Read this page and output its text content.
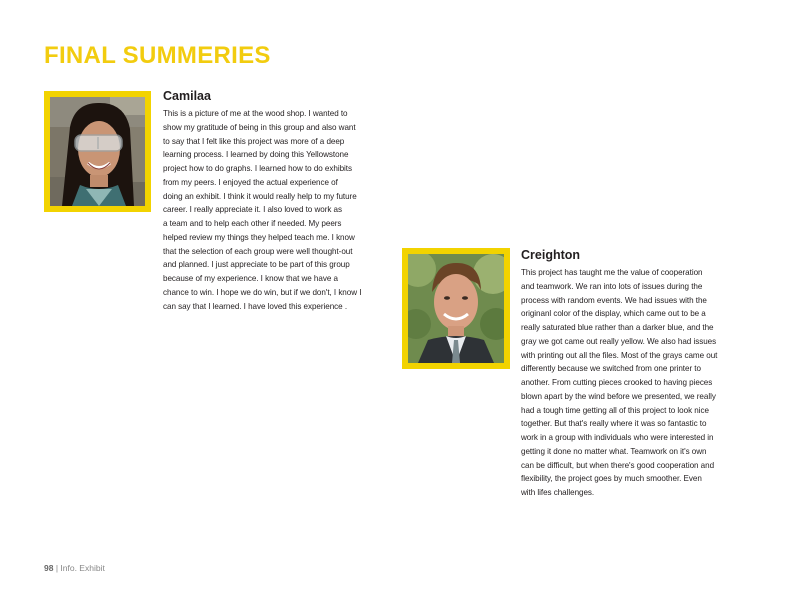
FINAL SUMMERIES

Camilaa

This is a picture of me at the wood shop. I wanted to
show my gratitude of being in this group and also want
to say that I felt like this project was more of a deep
learning process. I learned by doing this Yellowstone
project how to do graphs. I learned how to do exhibits
from my peers. I enjoyed the actual experience of
doing an exhibit. I think it would really help to my future
career. I really appreciate it. I also loved to work as
a team and to help each other if needed. My peers
helped review my things they helped teach me. I know
that the selection of each group were well thought-out
and planned. I just appreciate to be part of this group
because of my experience. I know that we have a
chance to win. I hope we do win, but if we don't, I know I
can say that I learned. I have loved this experience .

Creighton

This project has taught me the value of cooperation
and teamwork. We ran into lots of issues during the
process with random events. We had issues with the
originanl color of the display, which came out to be a
really saturated blue rather than a darker blue, and the
gray we got came out really yellow. We also had issues
with printing out all the files. Most of the grays came out
differently because we switched from one printer to
another. From cutting pieces crooked to having pieces
blown apart by the wind before we presented, we really
had a tough time getting all of this project to look nice
together. But that's really where it was so fantastic to
work in a group with individuals who were interested in
getting it done no matter what. Teamwork on it's own
can be difficult, but when there's good cooperation and
flexibility, the project goes by much smoother. Even
with lifes challenges.

98 | Info. Exhibit
